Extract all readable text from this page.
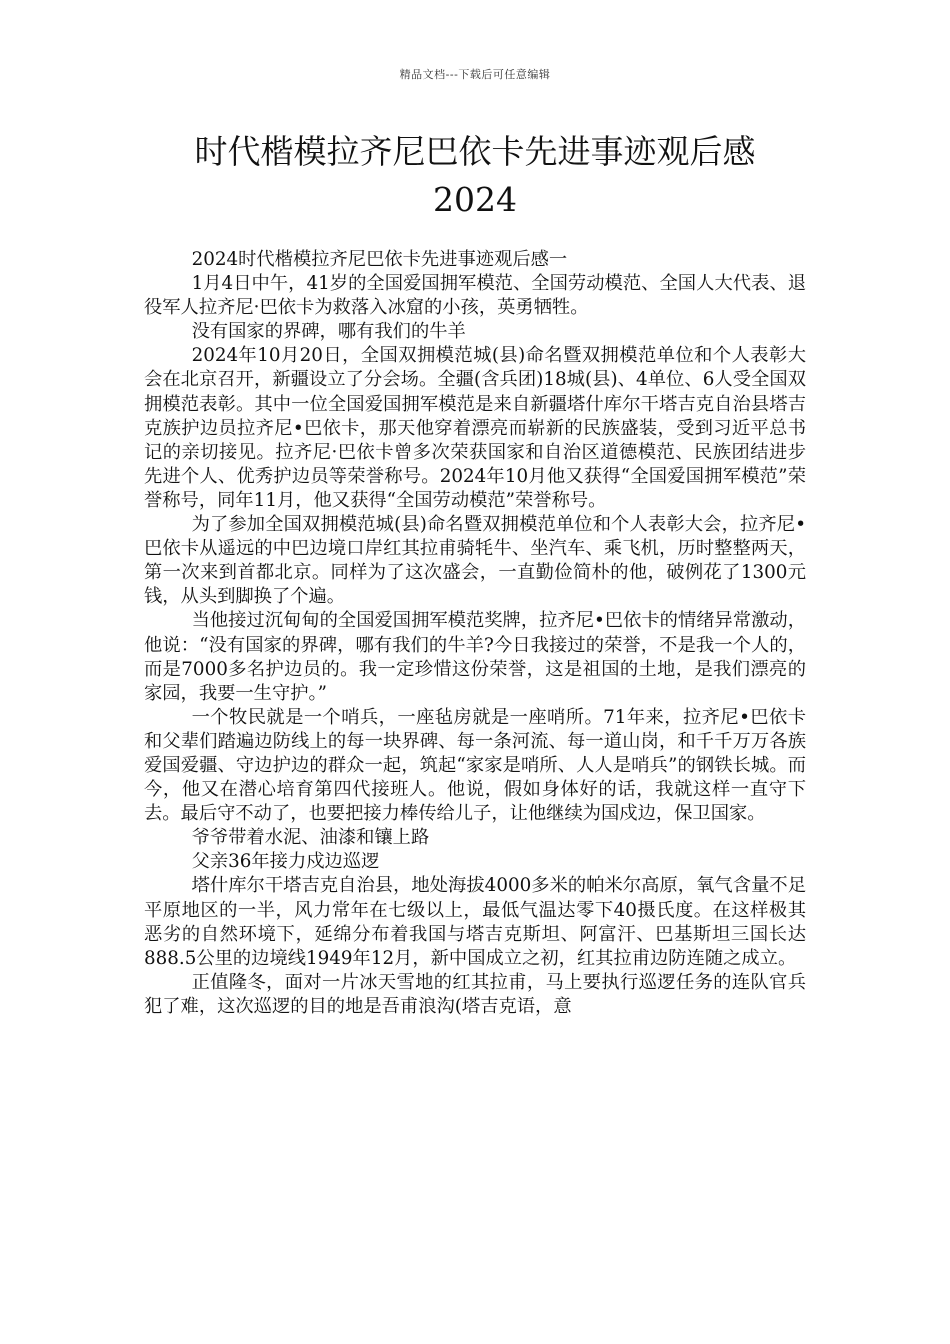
精品文档---下载后可任意编辑
时代楷模拉齐尼巴依卡先进事迹观后感
2024

2024时代楷模拉齐尼巴依卡先进事迹观后感一

1月4日中午，41岁的全国爱国拥军模范、全国劳动模范、全国人大代表、退役军人拉齐尼·巴依卡为救落入冰窟的小孩，英勇牺牲。

没有国家的界碑，哪有我们的牛羊

2024年10月20日，全国双拥模范城(县)命名暨双拥模范单位和个人表彰大会在北京召开，新疆设立了分会场。全疆(含兵团)18城(县)、4单位、6人受全国双拥模范表彰。其中一位全国爱国拥军模范是来自新疆塔什库尔干塔吉克自治县塔吉克族护边员拉齐尼•巴依卡，那天他穿着漂亮而崭新的民族盛装，受到习近平总书记的亲切接见。拉齐尼·巴依卡曾多次荣获国家和自治区道德模范、民族团结进步先进个人、优秀护边员等荣誉称号。2024年10月他又获得“全国爱国拥军模范”荣誉称号，同年11月，他又获得“全国劳动模范”荣誉称号。

为了参加全国双拥模范城(县)命名暨双拥模范单位和个人表彰大会，拉齐尼•巴依卡从遥远的中巴边境口岸红其拉甫骑牦牛、坐汽车、乘飞机，历时整整两天，第一次来到首都北京。同样为了这次盛会，一直勤俭简朴的他，破例花了1300元钱，从头到脚换了个遍。

当他接过沉甸甸的全国爱国拥军模范奖牌，拉齐尼•巴依卡的情绪异常激动，他说：“没有国家的界碑，哪有我们的牛羊?今日我接过的荣誉，不是我一个人的，而是7000多名护边员的。我一定珍惜这份荣誉，这是祖国的土地，是我们漂亮的家园，我要一生守护。”

一个牧民就是一个哨兵，一座毡房就是一座哨所。71年来，拉齐尼•巴依卡和父辈们踏遍边防线上的每一块界碑、每一条河流、每一道山岗，和千千万万各族爱国爱疆、守边护边的群众一起，筑起“家家是哨所、人人是哨兵”的钢铁长城。而今，他又在潜心培育第四代接班人。他说，假如身体好的话，我就这样一直守下去。最后守不动了，也要把接力棒传给儿子，让他继续为国戍边，保卫国家。

爷爷带着水泥、油漆和镶上路

父亲36年接力戍边巡逻

塔什库尔干塔吉克自治县，地处海拔4000多米的帕米尔高原，氧气含量不足平原地区的一半，风力常年在七级以上，最低气温达零下40摄氏度。在这样极其恶劣的自然环境下，延绵分布着我国与塔吉克斯坦、阿富汗、巴基斯坦三国长达888.5公里的边境线1949年12月，新中国成立之初，红其拉甫边防连随之成立。

正值隆冬，面对一片冰天雪地的红其拉甫，马上要执行巡逻任务的连队官兵犯了难，这次巡逻的目的地是吾甫浪沟(塔吉克语，意
